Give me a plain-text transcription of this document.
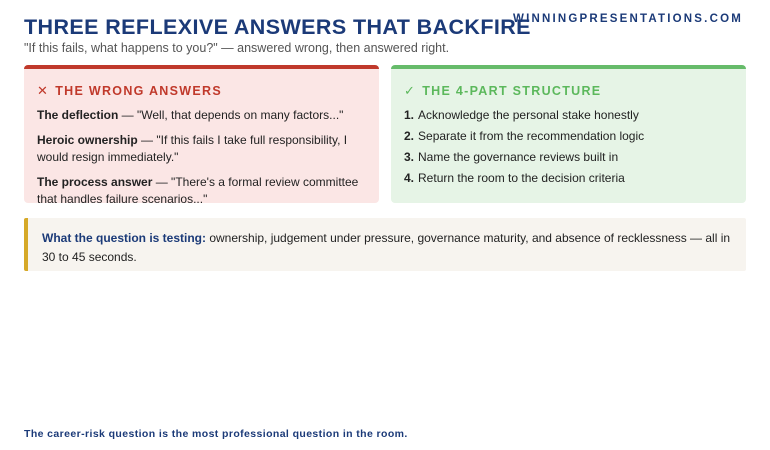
WINNINGPRESENTATIONS.COM
THREE REFLEXIVE ANSWERS THAT BACKFIRE
"If this fails, what happens to you?" — answered wrong, then answered right.
✕ THE WRONG ANSWERS

The deflection — "Well, that depends on many factors..."

Heroic ownership — "If this fails I take full responsibility, I would resign immediately."

The process answer — "There's a formal review committee that handles failure scenarios..."

✓ THE 4-PART STRUCTURE
1. Acknowledge the personal stake honestly
2. Separate it from the recommendation logic
3. Name the governance reviews built in
4. Return the room to the decision criteria
What the question is testing: ownership, judgement under pressure, governance maturity, and absence of recklessness — all in 30 to 45 seconds.
The career-risk question is the most professional question in the room.
